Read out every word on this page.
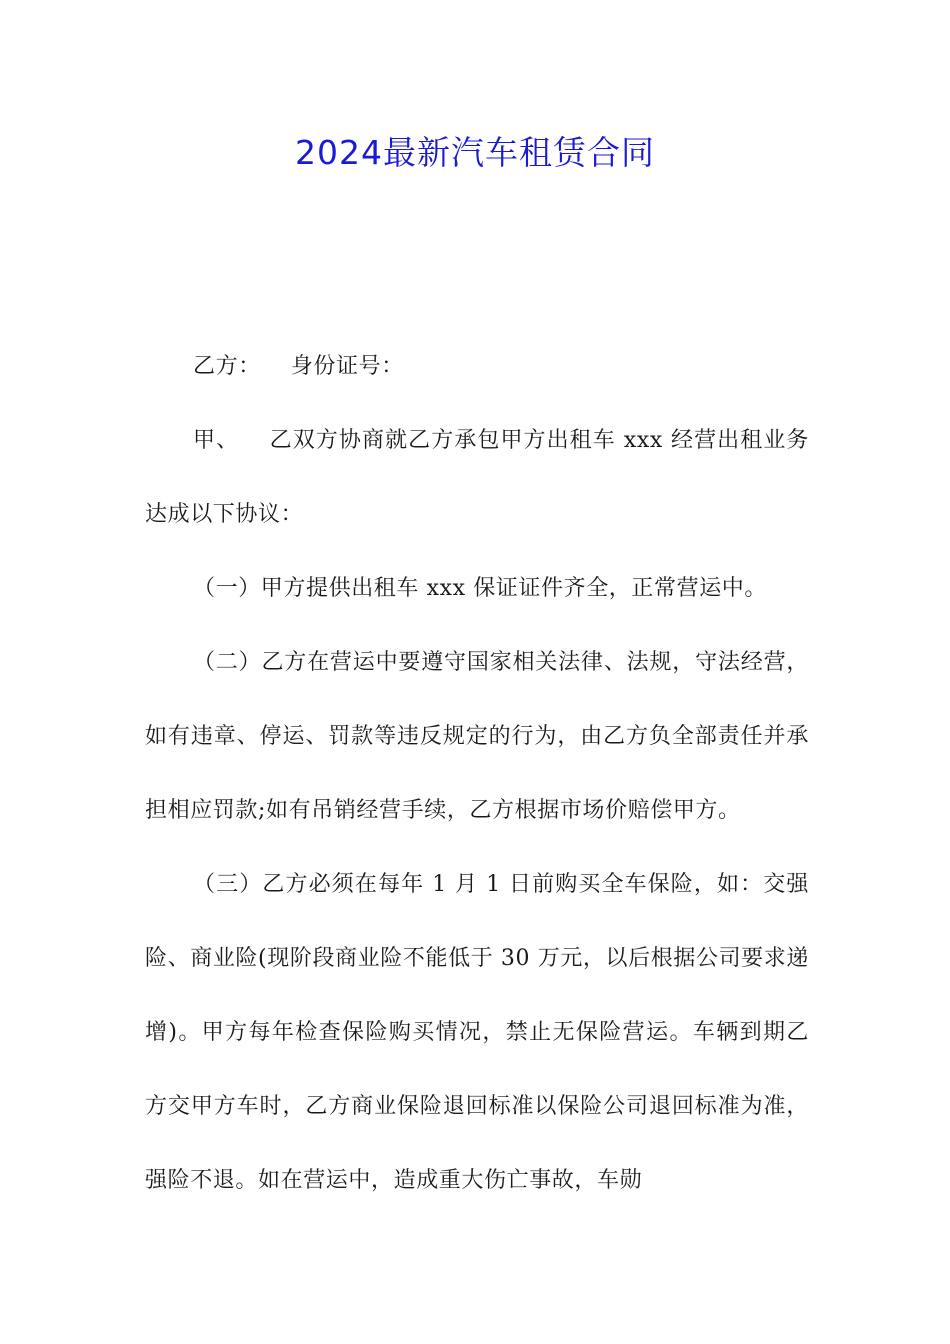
2024最新汽车租赁合同

乙方： 身份证号：

甲、 乙双方协商就乙方承包甲方出租车 xxx 经营出租业务达成以下协议：

（一）甲方提供出租车 xxx 保证证件齐全，正常营运中。

（二）乙方在营运中要遵守国家相关法律、法规，守法经营，如有违章、停运、罚款等违反规定的行为，由乙方负全部责任并承担相应罚款;如有吊销经营手续，乙方根据市场价赔偿甲方。

（三）乙方必须在每年 1 月 1 日前购买全车保险，如：交强险、商业险(现阶段商业险不能低于 30 万元，以后根据公司要求递增)。甲方每年检查保险购买情况，禁止无保险营运。车辆到期乙方交甲方车时，乙方商业保险退回标准以保险公司退回标准为准，强险不退。如在营运中，造成重大伤亡事故，车勋
